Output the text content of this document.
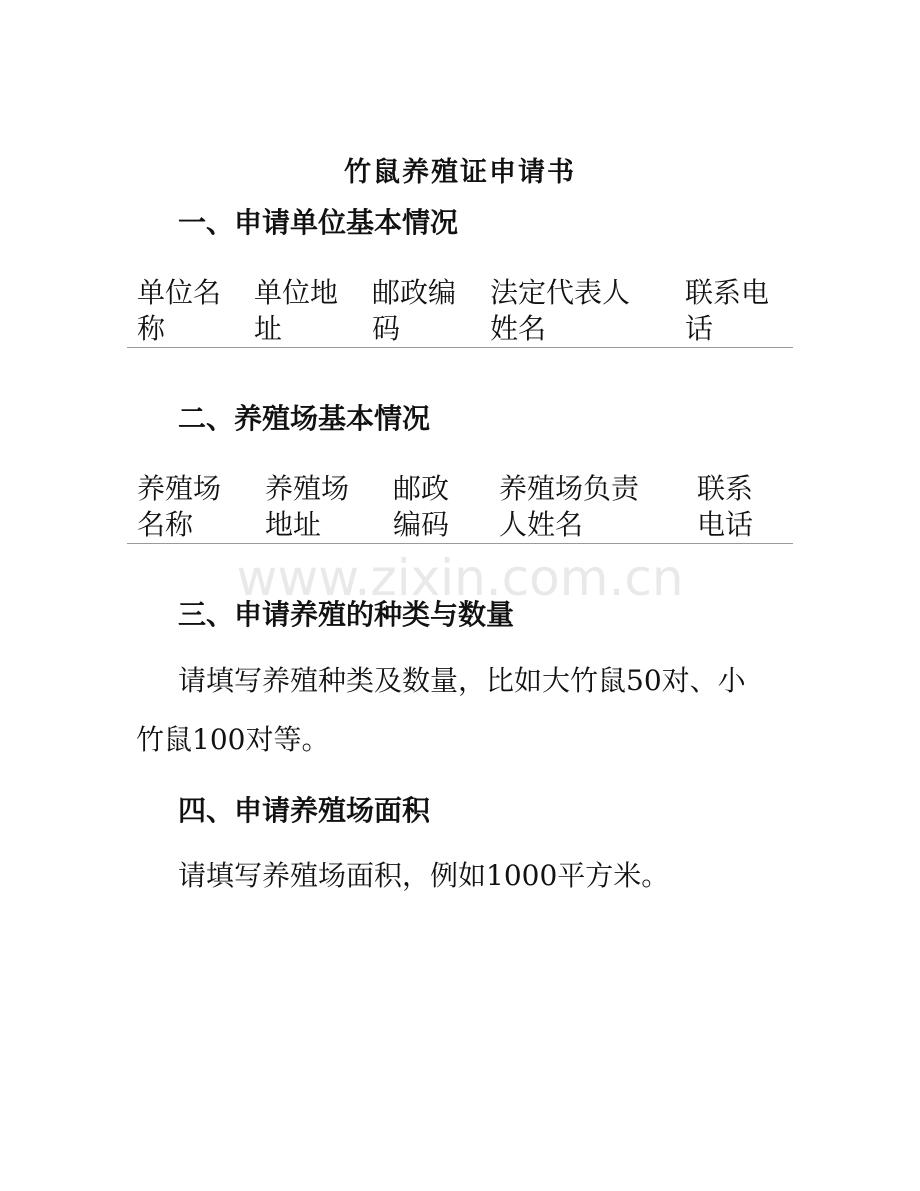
竹鼠养殖证申请书
一、申请单位基本情况
单位名
称
单位地
址
邮政编
码
法定代表人
姓名
联系电
话
二、养殖场基本情况
养殖场
名称
养殖场
地址
邮政
编码
养殖场负责
人姓名
联系
电话
www.zixin.com.cn
三、申请养殖的种类与数量
请填写养殖种类及数量，比如大竹鼠50对、小
竹鼠100对等。
四、申请养殖场面积
请填写养殖场面积，例如1000平方米。
